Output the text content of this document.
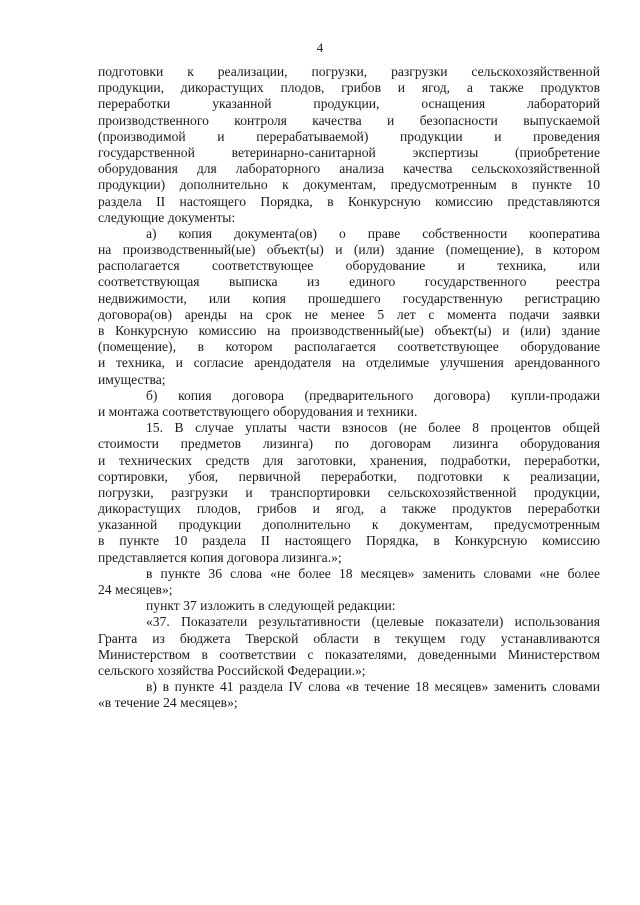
4
подготовки к реализации, погрузки, разгрузки сельскохозяйственной
продукции, дикорастущих плодов, грибов и ягод, а также продуктов
переработки указанной продукции, оснащения лабораторий
производственного контроля качества и безопасности выпускаемой
(производимой и перерабатываемой) продукции и проведения
государственной ветеринарно-санитарной экспертизы (приобретение
оборудования для лабораторного анализа качества сельскохозяйственной
продукции) дополнительно к документам, предусмотренным в пункте 10
раздела II настоящего Порядка, в Конкурсную комиссию представляются
следующие документы:
а) копия документа(ов) о праве собственности кооператива
на производственный(ые) объект(ы) и (или) здание (помещение), в котором
располагается соответствующее оборудование и техника, или
соответствующая выписка из единого государственного реестра
недвижимости, или копия прошедшего государственную регистрацию
договора(ов) аренды на срок не менее 5 лет с момента подачи заявки
в Конкурсную комиссию на производственный(ые) объект(ы) и (или) здание
(помещение), в котором располагается соответствующее оборудование
и техника, и согласие арендодателя на отделимые улучшения арендованного
имущества;
б) копия договора (предварительного договора) купли-продажи
и монтажа соответствующего оборудования и техники.
15. В случае уплаты части взносов (не более 8 процентов общей
стоимости предметов лизинга) по договорам лизинга оборудования
и технических средств для заготовки, хранения, подработки, переработки,
сортировки, убоя, первичной переработки, подготовки к реализации,
погрузки, разгрузки и транспортировки сельскохозяйственной продукции,
дикорастущих плодов, грибов и ягод, а также продуктов переработки
указанной продукции дополнительно к документам, предусмотренным
в пункте 10 раздела II настоящего Порядка, в Конкурсную комиссию
представляется копия договора лизинга.»;
в пункте 36 слова «не более 18 месяцев» заменить словами «не более
24 месяцев»;
пункт 37 изложить в следующей редакции:
«37. Показатели результативности (целевые показатели) использования
Гранта из бюджета Тверской области в текущем году устанавливаются
Министерством в соответствии с показателями, доведенными Министерством
сельского хозяйства Российской Федерации.»;
в) в пункте 41 раздела IV слова «в течение 18 месяцев» заменить словами
«в течение 24 месяцев»;
